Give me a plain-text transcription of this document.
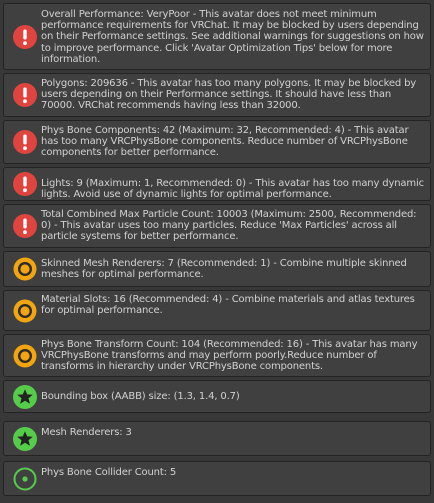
Overall Performance: VeryPoor - This avatar does not meet minimum performance requirements for VRChat. It may be blocked by users depending on their Performance settings. See additional warnings for suggestions on how to improve performance. Click 'Avatar Optimization Tips' below for more information.
Polygons: 209636 - This avatar has too many polygons. It may be blocked by users depending on their Performance settings. It should have less than 70000. VRChat recommends having less than 32000.
Phys Bone Components: 42 (Maximum: 32, Recommended: 4) - This avatar has too many VRCPhysBone components. Reduce number of VRCPhysBone components for better performance.
Lights: 9 (Maximum: 1, Recommended: 0) - This avatar has too many dynamic lights. Avoid use of dynamic lights for optimal performance.
Total Combined Max Particle Count: 10003 (Maximum: 2500, Recommended: 0) - This avatar uses too many particles. Reduce 'Max Particles' across all particle systems for better performance.
Skinned Mesh Renderers: 7 (Recommended: 1) - Combine multiple skinned meshes for optimal performance.
Material Slots: 16 (Recommended: 4) - Combine materials and atlas textures for optimal performance.
Phys Bone Transform Count: 104 (Recommended: 16) - This avatar has many VRCPhysBone transforms and may perform poorly.Reduce number of transforms in hierarchy under VRCPhysBone components.
Bounding box (AABB) size: (1.3, 1.4, 0.7)
Mesh Renderers: 3
Phys Bone Collider Count: 5
